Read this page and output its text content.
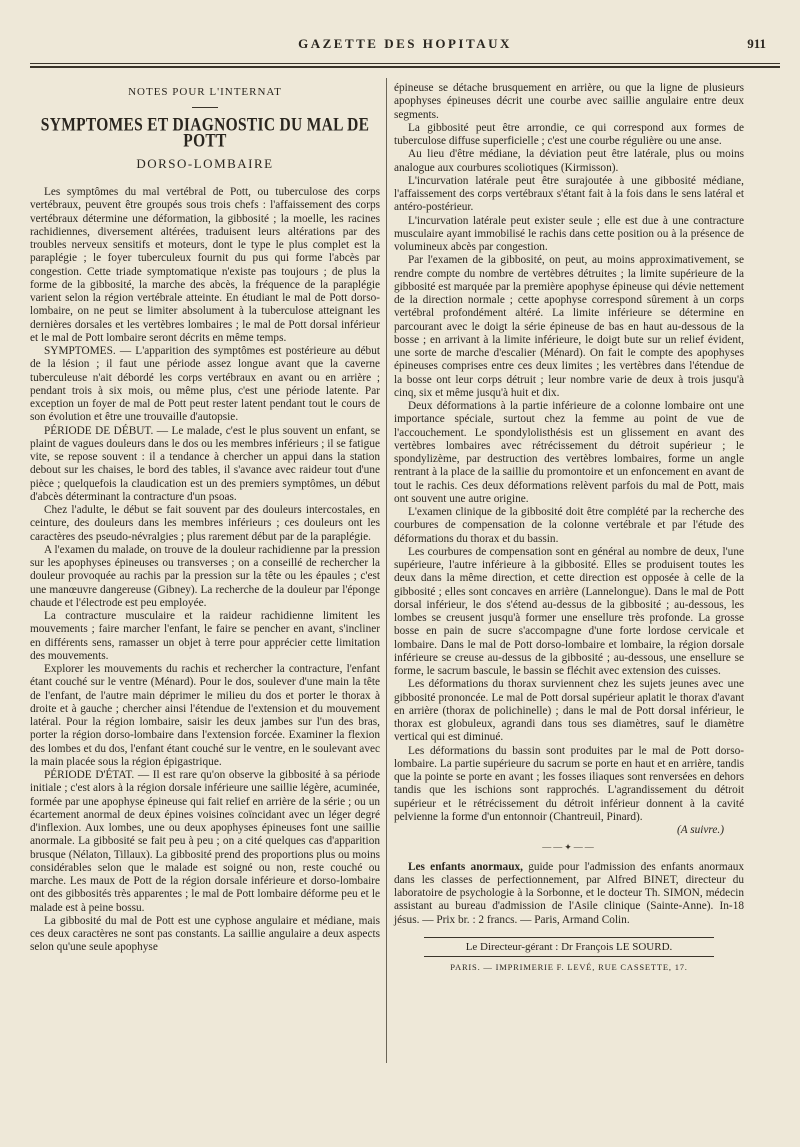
GAZETTE DES HOPITAUX	911
NOTES POUR L'INTERNAT
SYMPTOMES ET DIAGNOSTIC DU MAL DE POTT
DORSO-LOMBAIRE

Les symptômes du mal vertébral de Pott, ou tuberculose des corps vertébraux, peuvent être groupés sous trois chefs : l'affaissement des corps vertébraux détermine une déformation, la gibbosité ; la moelle, les racines rachidiennes, diversement altérées, traduisent leurs altérations par des troubles nerveux sensitifs et moteurs, dont le type le plus complet est la paraplégie ; le foyer tuberculeux fournit du pus qui forme l'abcès par congestion. Cette triade symptomatique n'existe pas toujours ; de plus la forme de la gibbosité, la marche des abcès, la fréquence de la paraplégie varient selon la région vertébrale atteinte. En étudiant le mal de Pott dorso-lombaire, on ne peut se limiter absolument à la tuberculose atteignant les dernières dorsales et les vertèbres lombaires ; le mal de Pott dorsal inférieur et le mal de Pott lombaire seront décrits en même temps.

SYMPTOMES. — L'apparition des symptômes est postérieure au début de la lésion ; il faut une période assez longue avant que la caverne tuberculeuse n'ait débordé les corps vertébraux en avant ou en arrière ; pendant trois à six mois, ou même plus, c'est une période latente. Par exception un foyer de mal de Pott peut rester latent pendant tout le cours de son évolution et être une trouvaille d'autopsie.

PÉRIODE DE DÉBUT. — Le malade, c'est le plus souvent un enfant, se plaint de vagues douleurs dans le dos ou les membres inférieurs ; il se fatigue vite, se repose souvent : il a tendance à chercher un appui dans la station debout sur les chaises, le bord des tables, il s'avance avec raideur tout d'une pièce ; quelquefois la claudication est un des premiers symptômes, un début d'abcès déterminant la contracture d'un psoas.

Chez l'adulte, le début se fait souvent par des douleurs intercostales, en ceinture, des douleurs dans les membres inférieurs ; ces douleurs ont les caractères des pseudo-névralgies ; plus rarement début par de la paraplégie.

A l'examen du malade, on trouve de la douleur rachidienne par la pression sur les apophyses épineuses ou transverses ; on a conseillé de rechercher la douleur provoquée au rachis par la pression sur la tête ou les épaules ; c'est une manœuvre dangereuse (Gibney). La recherche de la douleur par l'éponge chaude et l'électrode est peu employée.

La contracture musculaire et la raideur rachidienne limitent les mouvements ; faire marcher l'enfant, le faire se pencher en avant, s'incliner en différents sens, ramasser un objet à terre pour apprécier cette limitation des mouvements.

Explorer les mouvements du rachis et rechercher la contracture, l'enfant étant couché sur le ventre (Ménard). Pour le dos, soulever d'une main la tête de l'enfant, de l'autre main déprimer le milieu du dos et porter le thorax à droite et à gauche ; chercher ainsi l'étendue de l'extension et du mouvement latéral. Pour la région lombaire, saisir les deux jambes sur l'un des bras, porter la région dorso-lombaire dans l'extension forcée. Examiner la flexion des lombes et du dos, l'enfant étant couché sur le ventre, en le soulevant avec la main placée sous la région épigastrique.

PÉRIODE D'ÉTAT. — Il est rare qu'on observe la gibbosité à sa période initiale ; c'est alors à la région dorsale inférieure une saillie légère, acuminée, formée par une apophyse épineuse qui fait relief en arrière de la série ; ou un écartement anormal de deux épines voisines coïncidant avec un léger degré d'inflexion. Aux lombes, une ou deux apophyses épineuses font une saillie anormale. La gibbosité se fait peu à peu ; on a cité quelques cas d'apparition brusque (Nélaton, Tillaux). La gibbosité prend des proportions plus ou moins considérables selon que le malade est soigné ou non, reste couché ou marche. Les maux de Pott de la région dorsale inférieure et dorso-lombaire ont des gibbosités très apparentes ; le mal de Pott lombaire déforme peu et le malade est à peine bossu.

La gibbosité du mal de Pott est une cyphose angulaire et médiane, mais ces deux caractères ne sont pas constants. La saillie angulaire a deux aspects selon qu'une seule apophyse

épineuse se détache brusquement en arrière, ou que la ligne de plusieurs apophyses épineuses décrit une courbe avec saillie angulaire entre deux segments.

La gibbosité peut être arrondie, ce qui correspond aux formes de tuberculose diffuse superficielle ; c'est une courbe régulière ou une anse.

Au lieu d'être médiane, la déviation peut être latérale, plus ou moins analogue aux courbures scoliotiques (Kirmisson).

L'incurvation latérale peut être surajoutée à une gibbosité médiane, l'affaissement des corps vertébraux s'étant fait à la fois dans le sens latéral et antéro-postérieur.

L'incurvation latérale peut exister seule ; elle est due à une contracture musculaire ayant immobilisé le rachis dans cette position ou à la présence de volumineux abcès par congestion.

Par l'examen de la gibbosité, on peut, au moins approximativement, se rendre compte du nombre de vertèbres détruites ; la limite supérieure de la gibbosité est marquée par la première apophyse épineuse qui dévie nettement de la direction normale ; cette apophyse correspond sûrement à un corps vertébral profondément altéré. La limite inférieure se détermine en parcourant avec le doigt la série épineuse de bas en haut au-dessous de la bosse ; en arrivant à la limite inférieure, le doigt bute sur un relief évident, une sorte de marche d'escalier (Ménard). On fait le compte des apophyses épineuses comprises entre ces deux limites ; les vertèbres dans l'étendue de la bosse ont leur corps détruit ; leur nombre varie de deux à trois jusqu'à cinq, six et même jusqu'à huit et dix.

Deux déformations à la partie inférieure de a colonne lombaire ont une importance spéciale, surtout chez la femme au point de vue de l'accouchement. Le spondylolisthésis est un glissement en avant des vertèbres lombaires avec rétrécissement du détroit supérieur ; le spondylizème, par destruction des vertèbres lombaires, forme un angle rentrant à la place de la saillie du promontoire et un enfoncement en avant de tout le rachis. Ces deux déformations relèvent parfois du mal de Pott, mais ont souvent une autre origine.

L'examen clinique de la gibbosité doit être complété par la recherche des courbures de compensation de la colonne vertébrale et par l'étude des déformations du thorax et du bassin.

Les courbures de compensation sont en général au nombre de deux, l'une supérieure, l'autre inférieure à la gibbosité. Elles se produisent toutes les deux dans la même direction, et cette direction est opposée à celle de la gibbosité ; elles sont concaves en arrière (Lannelongue). Dans le mal de Pott dorsal inférieur, le dos s'étend au-dessus de la gibbosité ; au-dessous, les lombes se creusent jusqu'à former une ensellure très profonde. La grosse bosse en pain de sucre s'accompagne d'une forte lordose cervicale et lombaire. Dans le mal de Pott dorso-lombaire et lombaire, la région dorsale inférieure se creuse au-dessus de la gibbosité ; au-dessous, une ensellure se forme, le sacrum bascule, le bassin se fléchit avec extension des cuisses.

Les déformations du thorax surviennent chez les sujets jeunes avec une gibbosité prononcée. Le mal de Pott dorsal supérieur aplatit le thorax d'avant en arrière (thorax de polichinelle) ; dans le mal de Pott dorsal inférieur, le thorax est globuleux, agrandi dans tous ses diamètres, sauf le diamètre vertical qui est diminué.

Les déformations du bassin sont produites par le mal de Pott dorso-lombaire. La partie supérieure du sacrum se porte en haut et en arrière, tandis que la pointe se porte en avant ; les fosses iliaques sont renversées en dehors tandis que les ischions sont rapprochés. L'agrandissement du détroit supérieur et le rétrécissement du détroit inférieur donnent à la cavité pelvienne la forme d'un entonnoir (Chantreuil, Pinard).

(A suivre.)
——✦——

Les enfants anormaux, guide pour l'admission des enfants anormaux dans les classes de perfectionnement, par Alfred BINET, directeur du laboratoire de psychologie à la Sorbonne, et le docteur Th. SIMON, médecin assistant au bureau d'admission de l'Asile clinique (Sainte-Anne). In-18 jésus. — Prix br. : 2 francs. — Paris, Armand Colin.

Le Directeur-gérant : Dr François LE SOURD.
PARIS. — IMPRIMERIE F. LEVÉ, RUE CASSETTE, 17.
